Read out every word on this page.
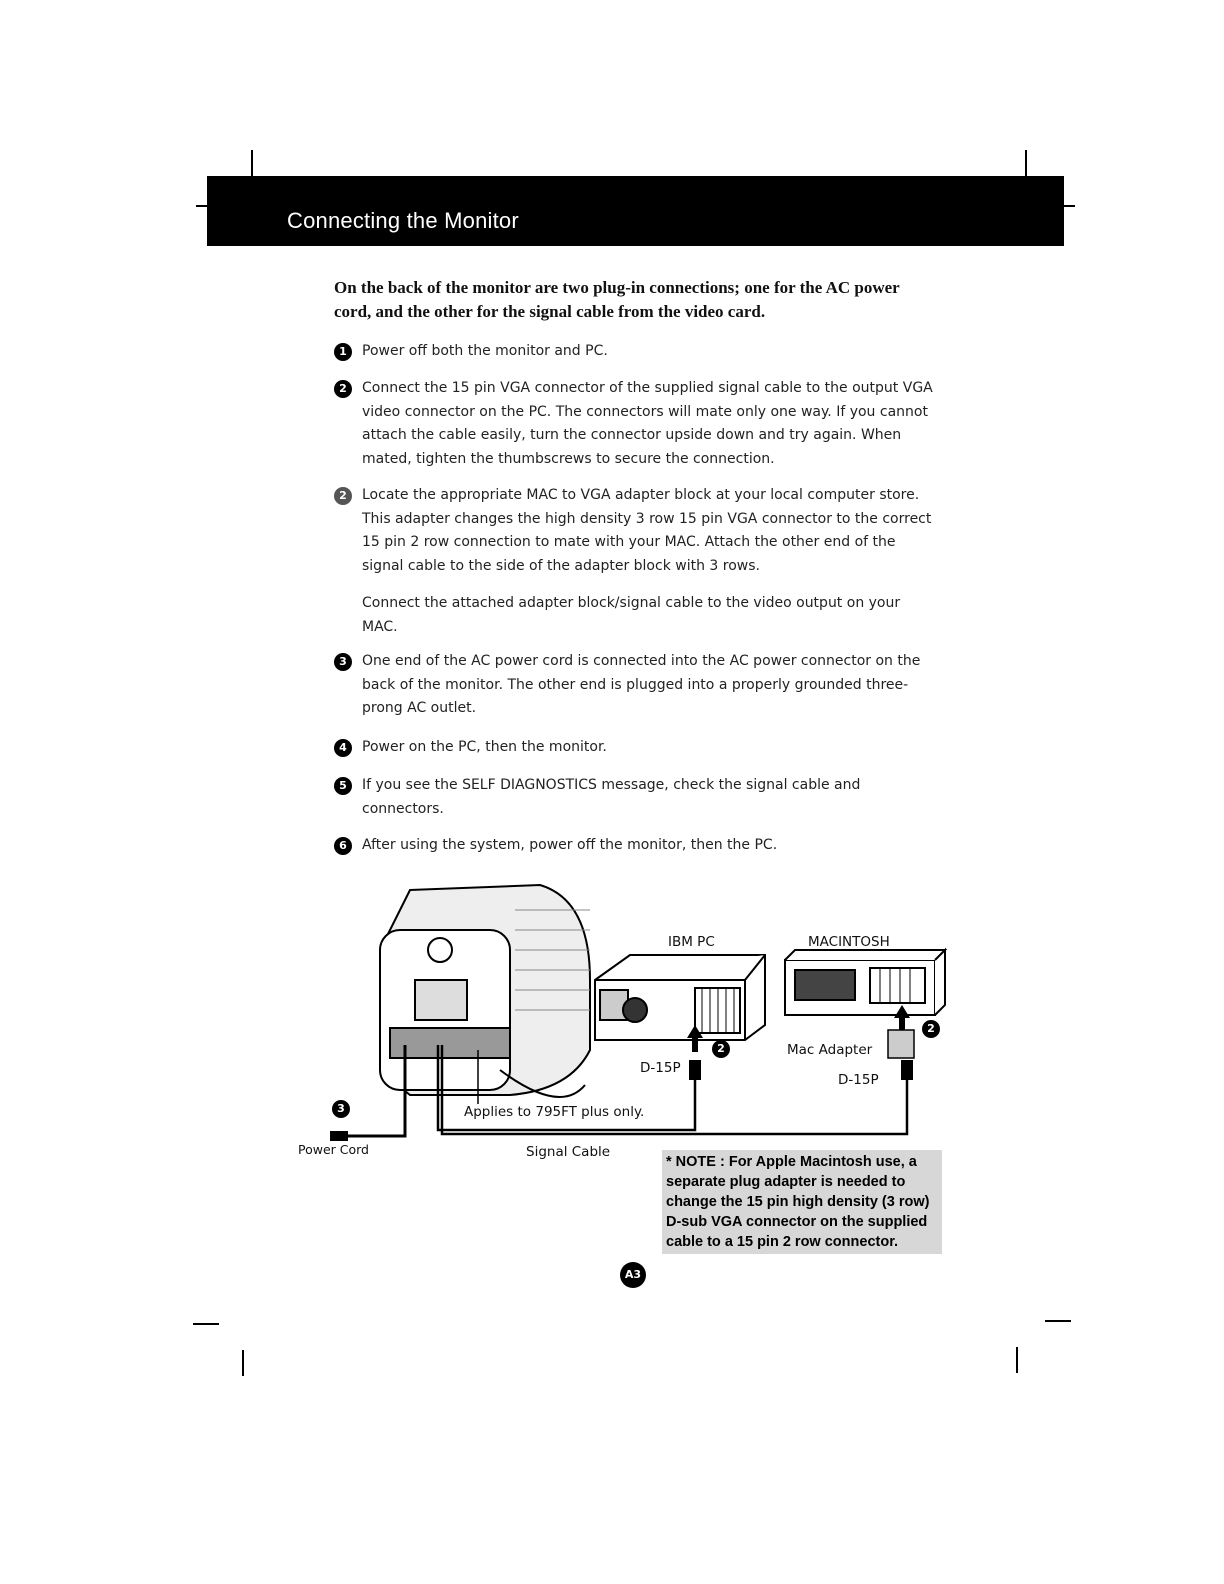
Connecting the Monitor
On the back of the monitor are two plug-in connections; one for the AC power cord, and the other for the signal cable from the video card.
1	Power off both the monitor and PC.
2	Connect the 15 pin VGA connector of the supplied signal cable to the output VGA video connector on the PC. The connectors will mate only one way. If you cannot attach the cable easily, turn the connector upside down and try again. When mated, tighten the thumbscrews to secure the connection.
2	Locate the appropriate MAC to VGA adapter block at your local computer store. This adapter changes the high density 3 row 15 pin VGA connector to the correct 15 pin 2 row connection to mate with your MAC. Attach the other end of the signal cable to the side of the adapter block with 3 rows.
Connect the attached adapter block/signal cable to the video output on your MAC.
3	One end of the AC power cord is connected into the AC power connector on the back of the monitor. The other end is plugged into a properly grounded three-prong AC outlet.
4	Power on the PC, then the monitor.
5	If you see the SELF DIAGNOSTICS message, check the signal cable and connectors.
6	After using the system, power off the monitor, then the PC.
IBM PC	MACINTOSH
D-15P
2	Mac Adapter
D-15P
2
Applies to 795FT plus only.
3
Power Cord	Signal Cable
* NOTE : For Apple Macintosh use, a separate plug adapter is needed to change the 15 pin high density (3 row) D-sub VGA connector on the supplied cable to a 15 pin 2 row connector.
A3
